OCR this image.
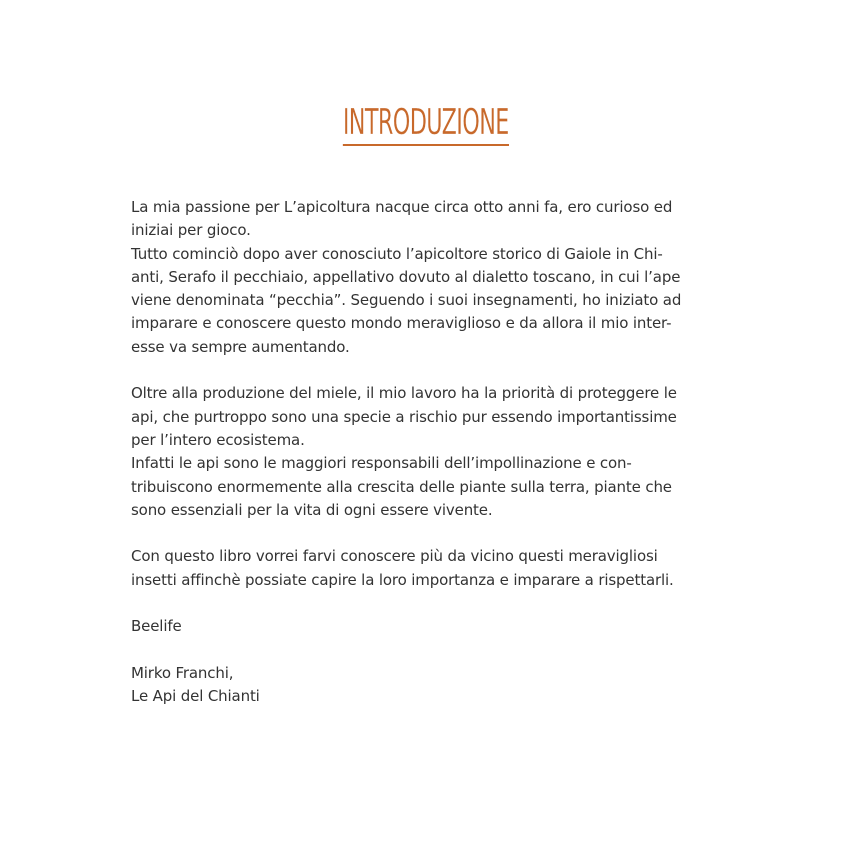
INTRODUZIONE

La mia passione per L’apicoltura nacque circa otto anni fa, ero curioso ed
iniziai per gioco.
Tutto cominciò dopo aver conosciuto l’apicoltore storico di Gaiole in Chi-
anti, Serafo il pecchiaio, appellativo dovuto al dialetto toscano, in cui l’ape
viene denominata “pecchia”. Seguendo i suoi insegnamenti, ho iniziato ad
imparare e conoscere questo mondo meraviglioso e da allora il mio inter-
esse va sempre aumentando.

Oltre alla produzione del miele, il mio lavoro ha la priorità di proteggere le
api, che purtroppo sono una specie a rischio pur essendo importantissime
per l’intero ecosistema.
Infatti le api sono le maggiori responsabili dell’impollinazione e con-
tribuiscono enormemente alla crescita delle piante sulla terra, piante che
sono essenziali per la vita di ogni essere vivente.

Con questo libro vorrei farvi conoscere più da vicino questi meravigliosi
insetti affinchè possiate capire la loro importanza e imparare a rispettarli.

Beelife

Mirko Franchi,
Le Api del Chianti
